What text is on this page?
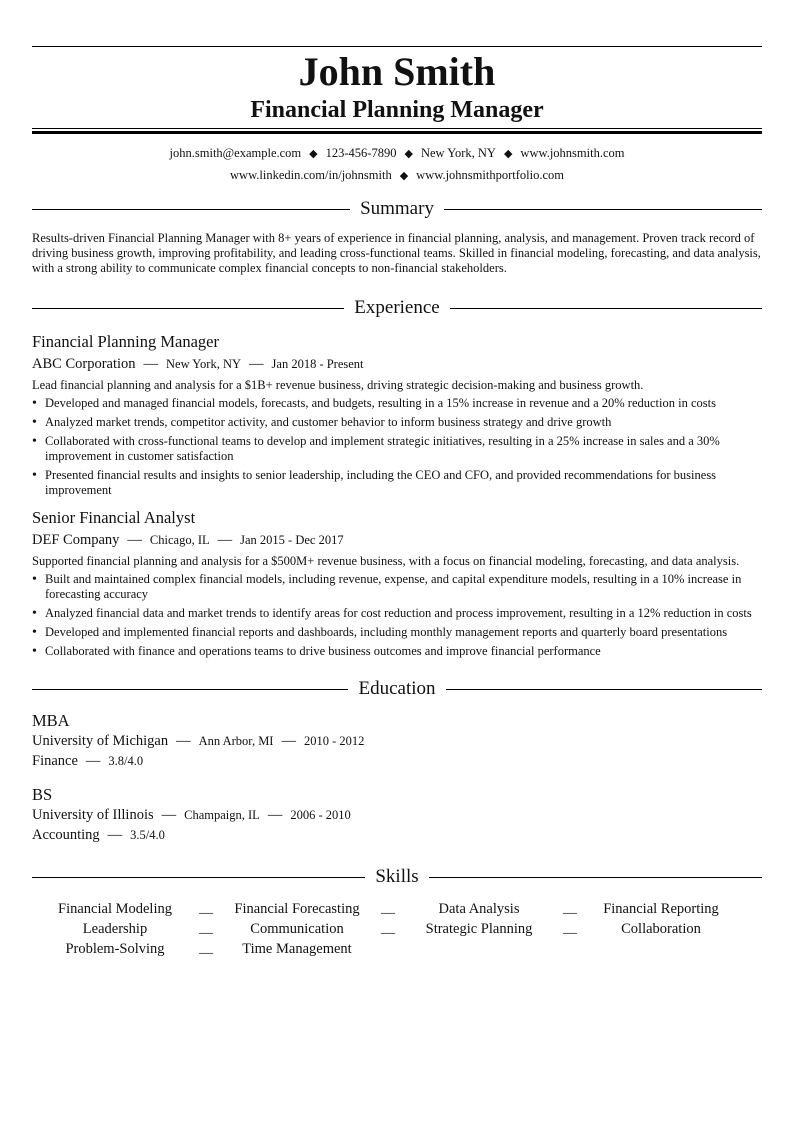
John Smith
Financial Planning Manager
john.smith@example.com ◆ 123-456-7890 ◆ New York, NY ◆ www.johnsmith.com
www.linkedin.com/in/johnsmith ◆ www.johnsmithportfolio.com
Summary
Results-driven Financial Planning Manager with 8+ years of experience in financial planning, analysis, and management. Proven track record of driving business growth, improving profitability, and leading cross-functional teams. Skilled in financial modeling, forecasting, and data analysis, with a strong ability to communicate complex financial concepts to non-financial stakeholders.
Experience
Financial Planning Manager
ABC Corporation — New York, NY — Jan 2018 - Present
Lead financial planning and analysis for a $1B+ revenue business, driving strategic decision-making and business growth.
• Developed and managed financial models, forecasts, and budgets, resulting in a 15% increase in revenue and a 20% reduction in costs
• Analyzed market trends, competitor activity, and customer behavior to inform business strategy and drive growth
• Collaborated with cross-functional teams to develop and implement strategic initiatives, resulting in a 25% increase in sales and a 30% improvement in customer satisfaction
• Presented financial results and insights to senior leadership, including the CEO and CFO, and provided recommendations for business improvement
Senior Financial Analyst
DEF Company — Chicago, IL — Jan 2015 - Dec 2017
Supported financial planning and analysis for a $500M+ revenue business, with a focus on financial modeling, forecasting, and data analysis.
• Built and maintained complex financial models, including revenue, expense, and capital expenditure models, resulting in a 10% increase in forecasting accuracy
• Analyzed financial data and market trends to identify areas for cost reduction and process improvement, resulting in a 12% reduction in costs
• Developed and implemented financial reports and dashboards, including monthly management reports and quarterly board presentations
• Collaborated with finance and operations teams to drive business outcomes and improve financial performance
Education
MBA
University of Michigan — Ann Arbor, MI — 2010 - 2012
Finance — 3.8/4.0
BS
University of Illinois — Champaign, IL — 2006 - 2010
Accounting — 3.5/4.0
Skills
Financial Modeling	__	Financial Forecasting	__	Data Analysis	__	Financial Reporting
Leadership	__	Communication	__	Strategic Planning	__	Collaboration
Problem-Solving	__	Time Management
